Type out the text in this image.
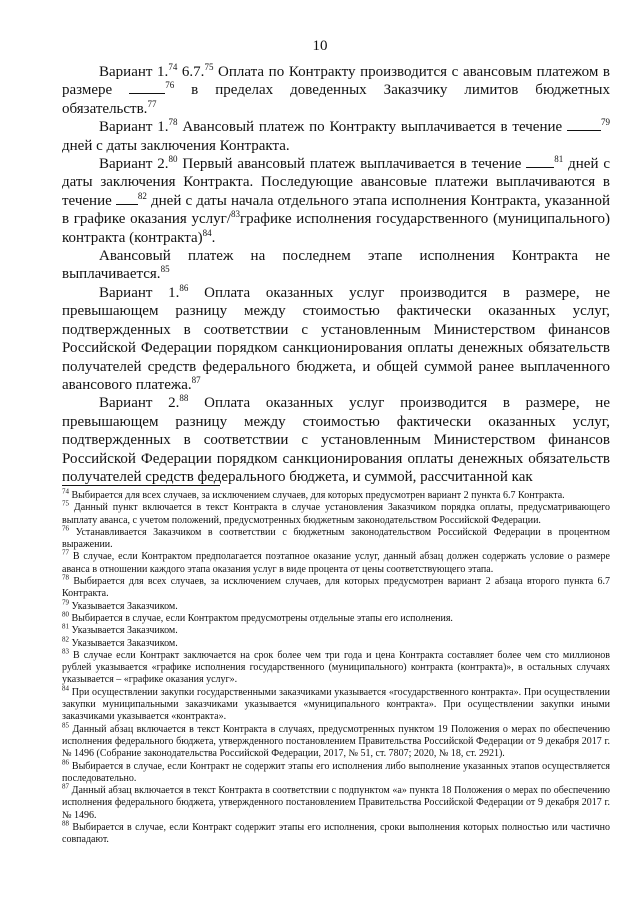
10

Вариант 1.74 6.7.75 Оплата по Контракту производится с авансовым платежом в размере	$^{76}$ в пределах доведенных Заказчику лимитов бюджетных обязательств.$^{77}$

Вариант 1.78 Авансовый платеж по Контракту выплачивается в течение	$^{79}$ дней с даты заключения Контракта.

Вариант 2.80 Первый авансовый платеж выплачивается в течение	$^{81}$ дней с даты заключения Контракта. Последующие авансовые платежи выплачиваются в течение $^{82}$ дней с даты начала отдельного этапа исполнения Контракта, указанной в графике оказания услуг/$^{83}$графике исполнения государственного (муниципального) контракта (контракта)$^{84}$.

Авансовый платеж на последнем этапе исполнения Контракта не выплачивается.$^{85}$

Вариант 1.86 Оплата оказанных услуг производится в размере, не превышающем разницу между стоимостью фактически оказанных услуг, подтвержденных в соответствии с установленным Министерством финансов Российской Федерации порядком санкционирования оплаты денежных обязательств получателей средств федерального бюджета, и общей суммой ранее выплаченного авансового платежа.$^{87}$

Вариант 2.88 Оплата оказанных услуг производится в размере, не превышающем разницу между стоимостью фактически оказанных услуг, подтвержденных в соответствии с установленным Министерством финансов Российской Федерации порядком санкционирования оплаты денежных обязательств получателей средств федерального бюджета, и суммой, рассчитанной как

$^{74}$ Выбирается для всех случаев, за исключением случаев, для которых предусмотрен вариант 2 пункта 6.7 Контракта.

$^{75}$ Данный пункт включается в текст Контракта в случае установления Заказчиком порядка оплаты, предусматривающего выплату аванса, с учетом положений, предусмотренных бюджетным законодательством Российской Федерации.

$^{76}$ Устанавливается Заказчиком в соответствии с бюджетным законодательством Российской Федерации в процентном выражении.

$^{77}$ В случае, если Контрактом предполагается поэтапное оказание услуг, данный абзац должен содержать условие о размере аванса в отношении каждого этапа оказания услуг в виде процента от цены соответствующего этапа.

$^{78}$ Выбирается для всех случаев, за исключением случаев, для которых предусмотрен вариант 2 абзаца второго пункта 6.7 Контракта.

$^{79}$ Указывается Заказчиком.

$^{80}$ Выбирается в случае, если Контрактом предусмотрены отдельные этапы его исполнения.

$^{81}$ Указывается Заказчиком.

$^{82}$ Указывается Заказчиком.

$^{83}$ В случае если Контракт заключается на срок более чем три года и цена Контракта составляет более чем сто миллионов рублей указывается «графике исполнения государственного (муниципального) контракта (контракта)», в остальных случаях указывается – «графике оказания услуг».

$^{84}$ При осуществлении закупки государственными заказчиками указывается «государственного контракта». При осуществлении закупки муниципальными заказчиками указывается «муниципального контракта». При осуществлении закупки иными заказчиками указывается «контракта».

$^{85}$ Данный абзац включается в текст Контракта в случаях, предусмотренных пунктом 19 Положения о мерах по обеспечению исполнения федерального бюджета, утвержденного постановлением Правительства Российской Федерации от 9 декабря 2017 г. № 1496 (Собрание законодательства Российской Федерации, 2017, № 51, ст. 7807; 2020, № 18, ст. 2921).

$^{86}$ Выбирается в случае, если Контракт не содержит этапы его исполнения либо выполнение указанных этапов осуществляется последовательно.

$^{87}$ Данный абзац включается в текст Контракта в соответствии с подпунктом «а» пункта 18 Положения о мерах по обеспечению исполнения федерального бюджета, утвержденного постановлением Правительства Российской Федерации от 9 декабря 2017 г. № 1496.

$^{88}$ Выбирается в случае, если Контракт содержит этапы его исполнения, сроки выполнения которых полностью или частично совпадают.
